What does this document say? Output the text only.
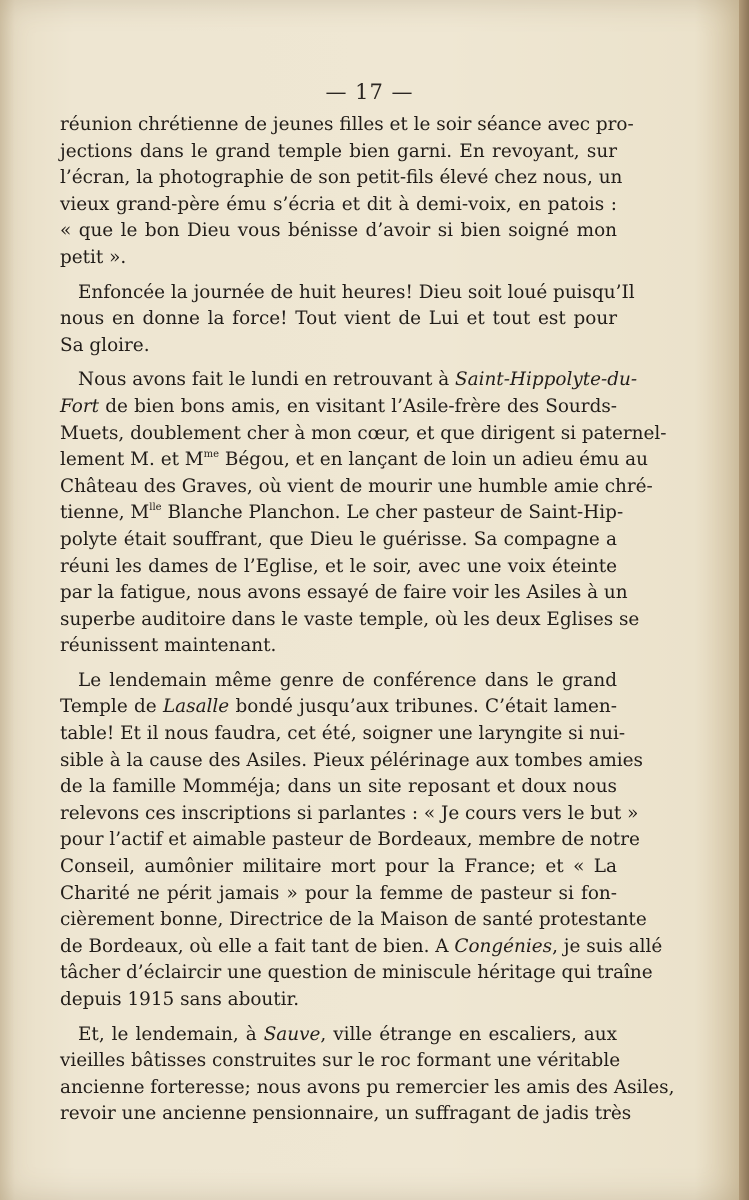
— 17 —
réunion chrétienne de jeunes filles et le soir séance avec pro-
jections dans le grand temple bien garni. En revoyant, sur
l’écran, la photographie de son petit-fils élevé chez nous, un
vieux grand-père ému s’écria et dit à demi-voix, en patois :
« que le bon Dieu vous bénisse d’avoir si bien soigné mon
petit ».
Enfoncée la journée de huit heures! Dieu soit loué puisqu’Il
nous en donne la force! Tout vient de Lui et tout est pour
Sa gloire.
Nous avons fait le lundi en retrouvant à Saint-Hippolyte-du-
Fort de bien bons amis, en visitant l’Asile-frère des Sourds-
Muets, doublement cher à mon cœur, et que dirigent si paternel-
lement M. et $M^{me}$ Bégou, et en lançant de loin un adieu ému au
Château des Graves, où vient de mourir une humble amie chré-
tienne, $M^{lle}$ Blanche Planchon. Le cher pasteur de Saint-Hip-
polyte était souffrant, que Dieu le guérisse. Sa compagne a
réuni les dames de l’Eglise, et le soir, avec une voix éteinte
par la fatigue, nous avons essayé de faire voir les Asiles à un
superbe auditoire dans le vaste temple, où les deux Eglises se
réunissent maintenant.
Le lendemain même genre de conférence dans le grand
Temple de Lasalle bondé jusqu’aux tribunes. C’était lamen-
table! Et il nous faudra, cet été, soigner une laryngite si nui-
sible à la cause des Asiles. Pieux pélérinage aux tombes amies
de la famille Momméja; dans un site reposant et doux nous
relevons ces inscriptions si parlantes : « Je cours vers le but »
pour l’actif et aimable pasteur de Bordeaux, membre de notre
Conseil, aumônier militaire mort pour la France; et « La
Charité ne périt jamais » pour la femme de pasteur si fon-
cièrement bonne, Directrice de la Maison de santé protestante
de Bordeaux, où elle a fait tant de bien. A Congénies, je suis allé
tâcher d’éclaircir une question de miniscule héritage qui traîne
depuis 1915 sans aboutir.
Et, le lendemain, à Sauve, ville étrange en escaliers, aux
vieilles bâtisses construites sur le roc formant une véritable
ancienne forteresse; nous avons pu remercier les amis des Asiles,
revoir une ancienne pensionnaire, un suffragant de jadis très
